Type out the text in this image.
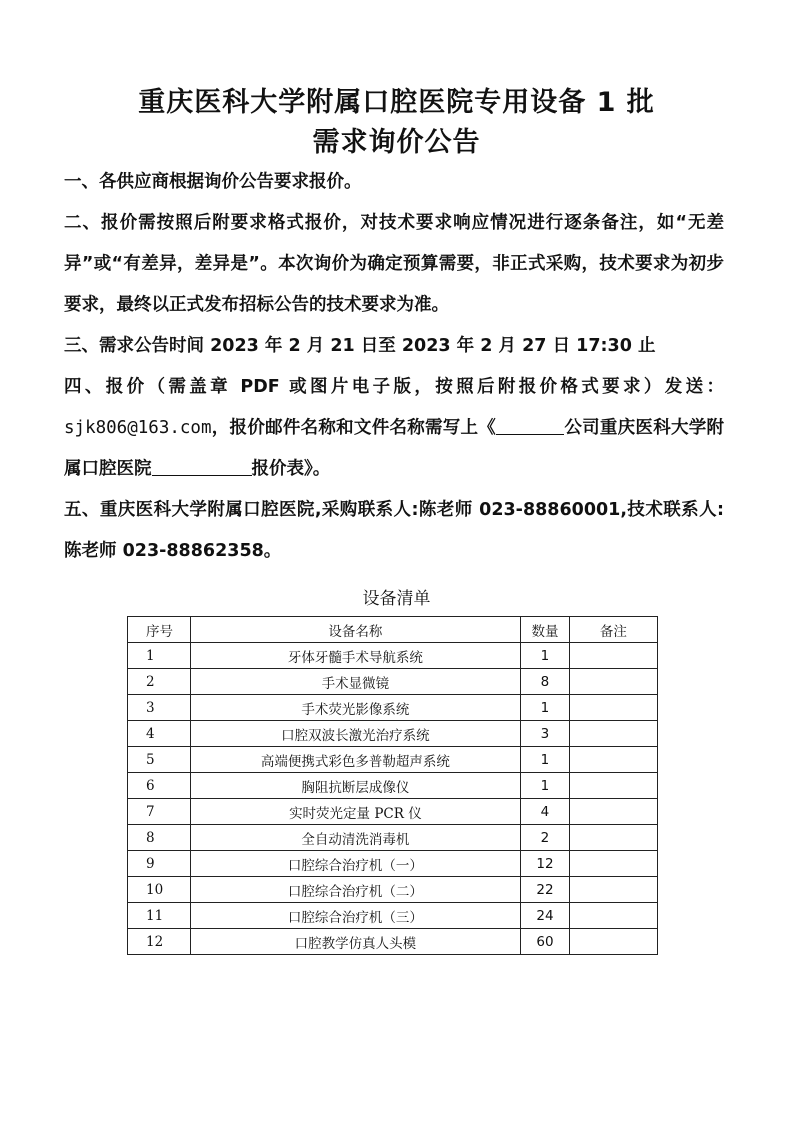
重庆医科大学附属口腔医院专用设备 1 批
需求询价公告

一、各供应商根据询价公告要求报价。

二、报价需按照后附要求格式报价，对技术要求响应情况进行逐条备注，如“无差异”或“有差异，差异是”。本次询价为确定预算需要，非正式采购，技术要求为初步要求，最终以正式发布招标公告的技术要求为准。

三、需求公告时间 2023 年 2 月 21 日至 2023 年 2 月 27 日 17:30 止

四、报价（需盖章 PDF 或图片电子版，按照后附报价格式要求）发送：sjk806@163.com，报价邮件名称和文件名称需写上《	公司重庆医科大学附属口腔医院	报价表》。

五、重庆医科大学附属口腔医院,采购联系人:陈老师 023-88860001,技术联系人:陈老师 023-88862358。

设备清单
序号	设备名称	数量	备注
1	牙体牙髓手术导航系统	1	
2	手术显微镜	8	
3	手术荧光影像系统	1	
4	口腔双波长激光治疗系统	3	
5	高端便携式彩色多普勒超声系统	1	
6	胸阻抗断层成像仪	1	
7	实时荧光定量 PCR 仪	4	
8	全自动清洗消毒机	2	
9	口腔综合治疗机（一）	12	
10	口腔综合治疗机（二）	22	
11	口腔综合治疗机（三）	24	
12	口腔教学仿真人头模	60	
